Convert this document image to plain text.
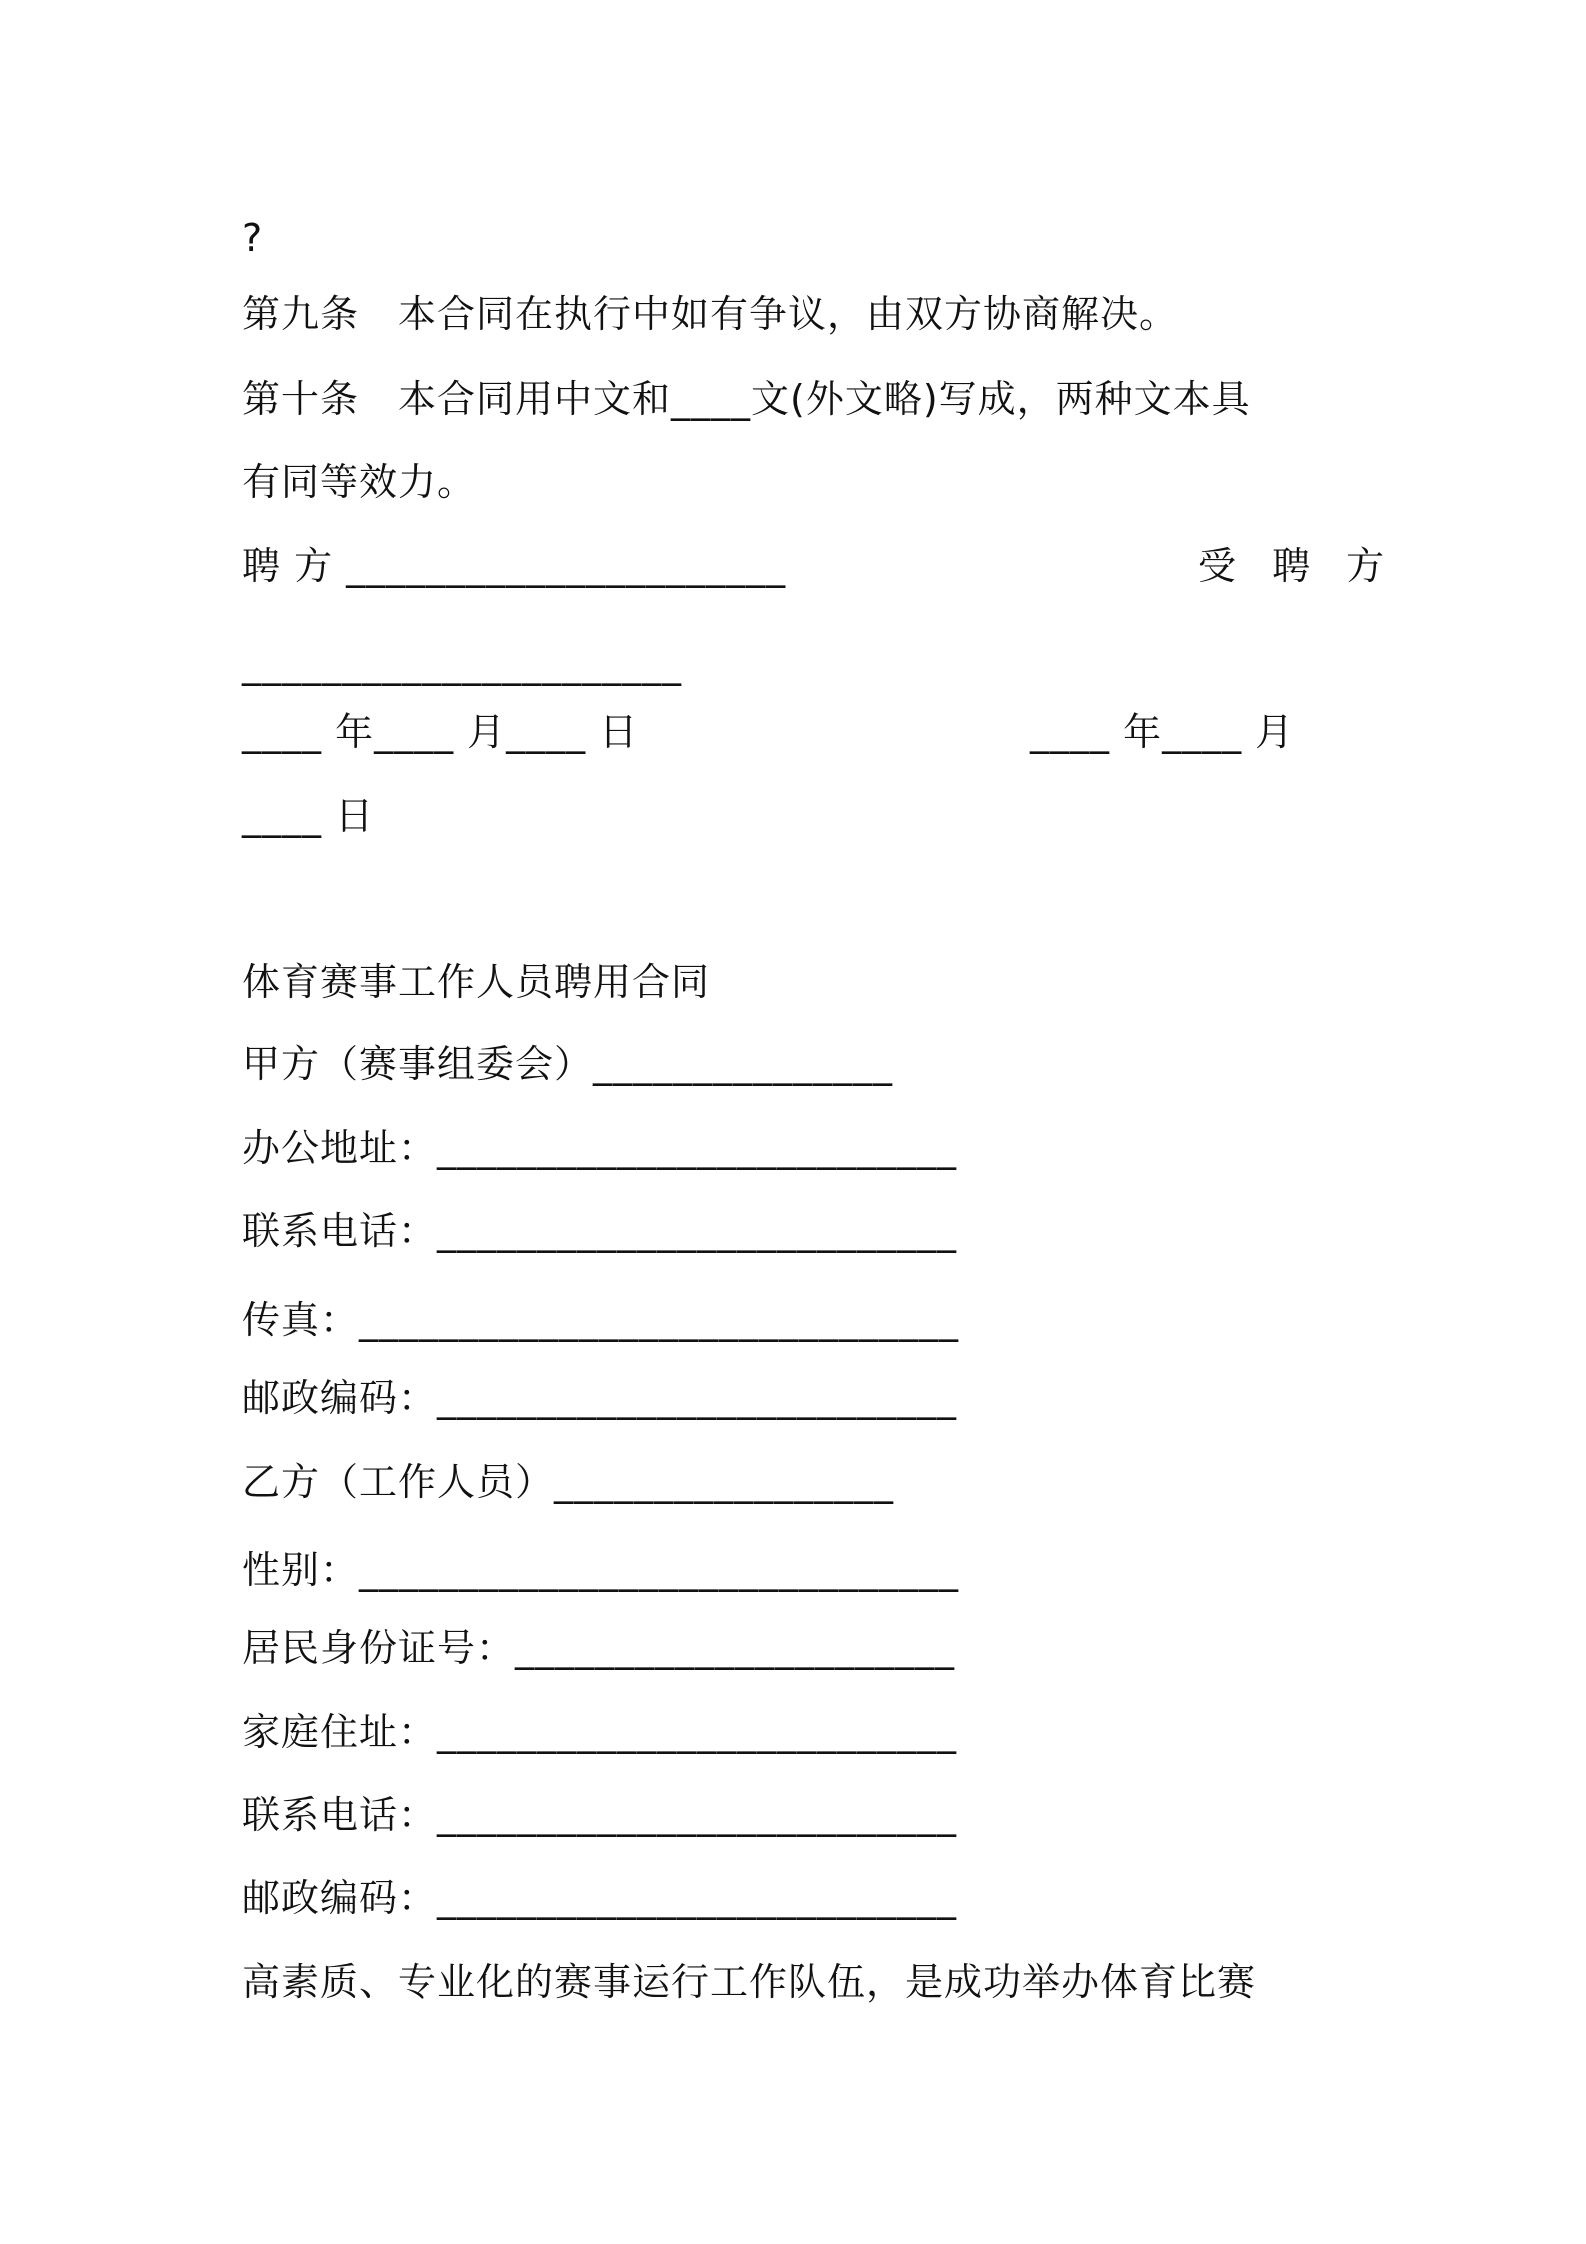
?
第九条　本合同在执行中如有争议，由双方协商解决。
第十条　本合同用中文和____文(外文略)写成，两种文本具
有同等效力。
聘 方 ______________________	受 聘 方
______________________
____ 年____ 月____ 日	____ 年____ 月
____ 日
体育赛事工作人员聘用合同
甲方（赛事组委会）_______________
办公地址：__________________________
联系电话：__________________________
传真：______________________________
邮政编码：__________________________
乙方（工作人员）_________________
性别：______________________________
居民身份证号：______________________
家庭住址：__________________________
联系电话：__________________________
邮政编码：__________________________
高素质、专业化的赛事运行工作队伍，是成功举办体育比赛
